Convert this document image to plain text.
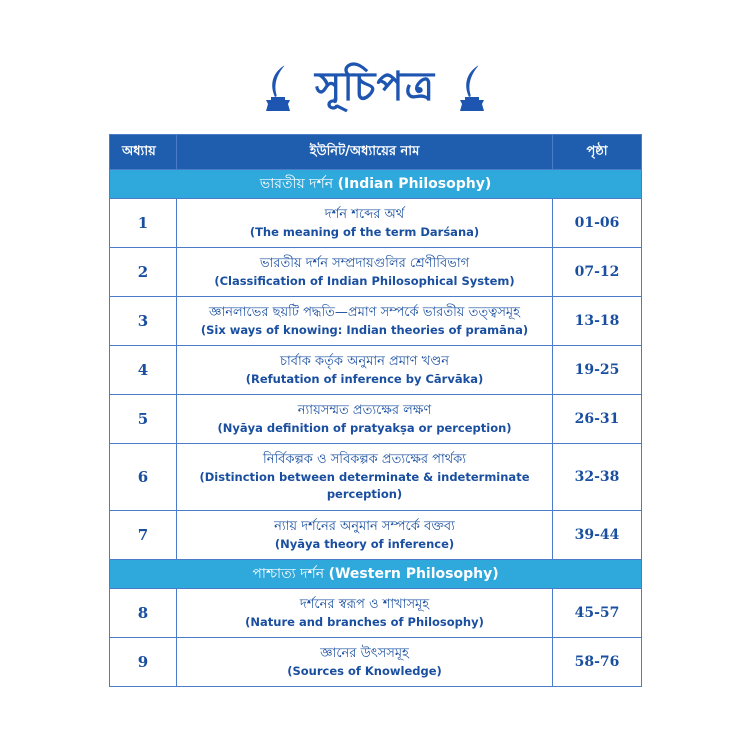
সূচিপত্র
অধ্যায়	ইউনিট/অধ্যায়ের নাম	পৃষ্ঠা
ভারতীয় দর্শন (Indian Philosophy)		
1	দর্শন শব্দের অর্থ
(The meaning of the term Darśana)	01-06
2	ভারতীয় দর্শন সম্প্রদায়গুলির শ্রেণীবিভাগ
(Classification of Indian Philosophical System)	07-12
3	জ্ঞানলাভের ছয়টি পদ্ধতি—প্রমাণ সম্পর্কে ভারতীয় তত্ত্বসমূহ
(Six ways of knowing: Indian theories of pramāna)	13-18
4	চার্বাক কর্তৃক অনুমান প্রমাণ খণ্ডন
(Refutation of inference by Cārvāka)	19-25
5	ন্যায়সম্মত প্রত্যক্ষের লক্ষণ
(Nyāya definition of pratyakṣa or perception)	26-31
6	নির্বিকল্পক ও সবিকল্পক প্রত্যক্ষের পার্থক্য
(Distinction between determinate & indeterminate perception)	32-38
7	ন্যায় দর্শনের অনুমান সম্পর্কে বক্তব্য
(Nyāya theory of inference)	39-44
পাশ্চাত্য দর্শন (Western Philosophy)		
8	দর্শনের স্বরূপ ও শাখাসমূহ
(Nature and branches of Philosophy)	45-57
9	জ্ঞানের উৎসসমূহ
(Sources of Knowledge)	58-76
